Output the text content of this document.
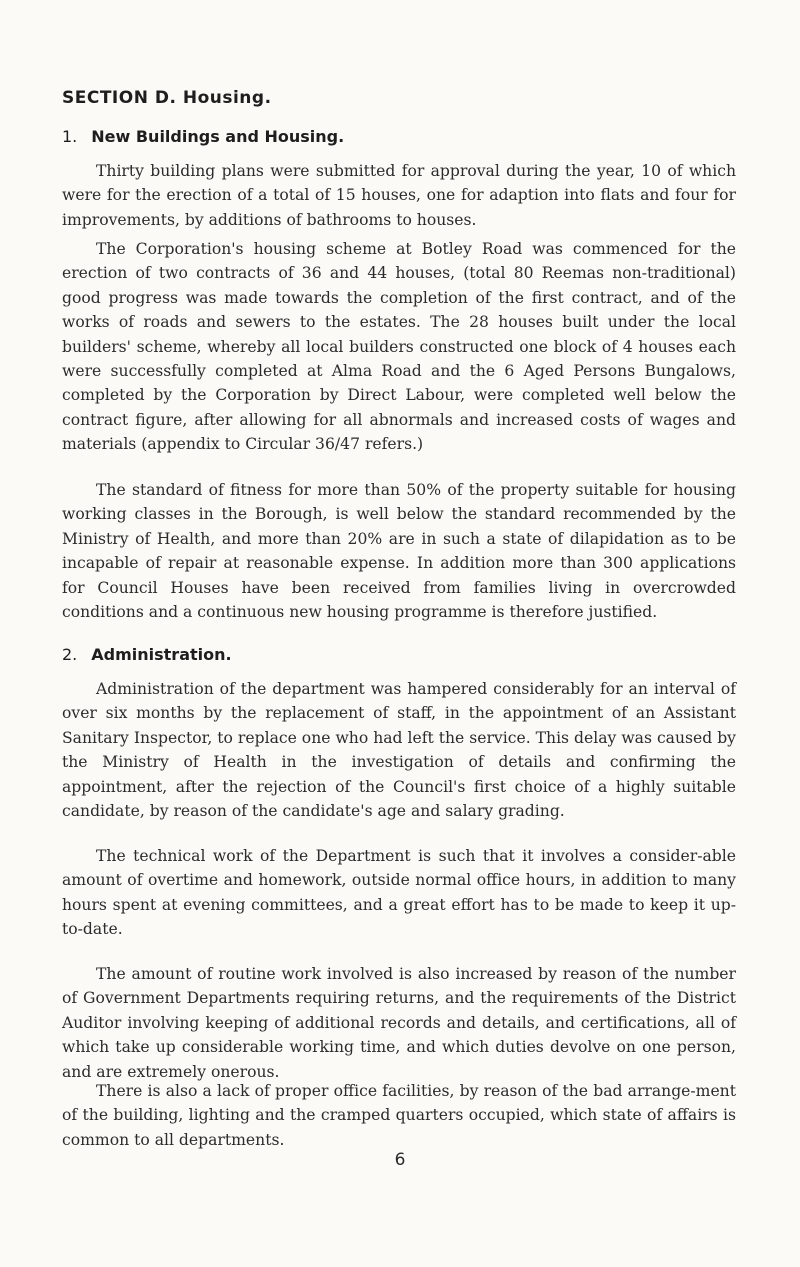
SECTION D. Housing.
1. New Buildings and Housing.

Thirty building plans were submitted for approval during the year, 10 of which were for the erection of a total of 15 houses, one for adaption into flats and four for improvements, by additions of bathrooms to houses.

The Corporation's housing scheme at Botley Road was commenced for the erection of two contracts of 36 and 44 houses, (total 80 Reemas non-traditional) good progress was made towards the completion of the first contract, and of the works of roads and sewers to the estates. The 28 houses built under the local builders' scheme, whereby all local builders constructed one block of 4 houses each were successfully completed at Alma Road and the 6 Aged Persons Bungalows, completed by the Corporation by Direct Labour, were completed well below the contract figure, after allowing for all abnormals and increased costs of wages and materials (appendix to Circular 36/47 refers.)

The standard of fitness for more than 50% of the property suitable for housing working classes in the Borough, is well below the standard recommended by the Ministry of Health, and more than 20% are in such a state of dilapidation as to be incapable of repair at reasonable expense. In addition more than 300 applications for Council Houses have been received from families living in overcrowded conditions and a continuous new housing programme is therefore justified.

2. Administration.

Administration of the department was hampered considerably for an interval of over six months by the replacement of staff, in the appointment of an Assistant Sanitary Inspector, to replace one who had left the service. This delay was caused by the Ministry of Health in the investigation of details and confirming the appointment, after the rejection of the Council's first choice of a highly suitable candidate, by reason of the candidate's age and salary grading.

The technical work of the Department is such that it involves a consider-able amount of overtime and homework, outside normal office hours, in addition to many hours spent at evening committees, and a great effort has to be made to keep it up-to-date.

The amount of routine work involved is also increased by reason of the number of Government Departments requiring returns, and the requirements of the District Auditor involving keeping of additional records and details, and certifications, all of which take up considerable working time, and which duties devolve on one person, and are extremely onerous.

There is also a lack of proper office facilities, by reason of the bad arrange-ment of the building, lighting and the cramped quarters occupied, which state of affairs is common to all departments.

6
